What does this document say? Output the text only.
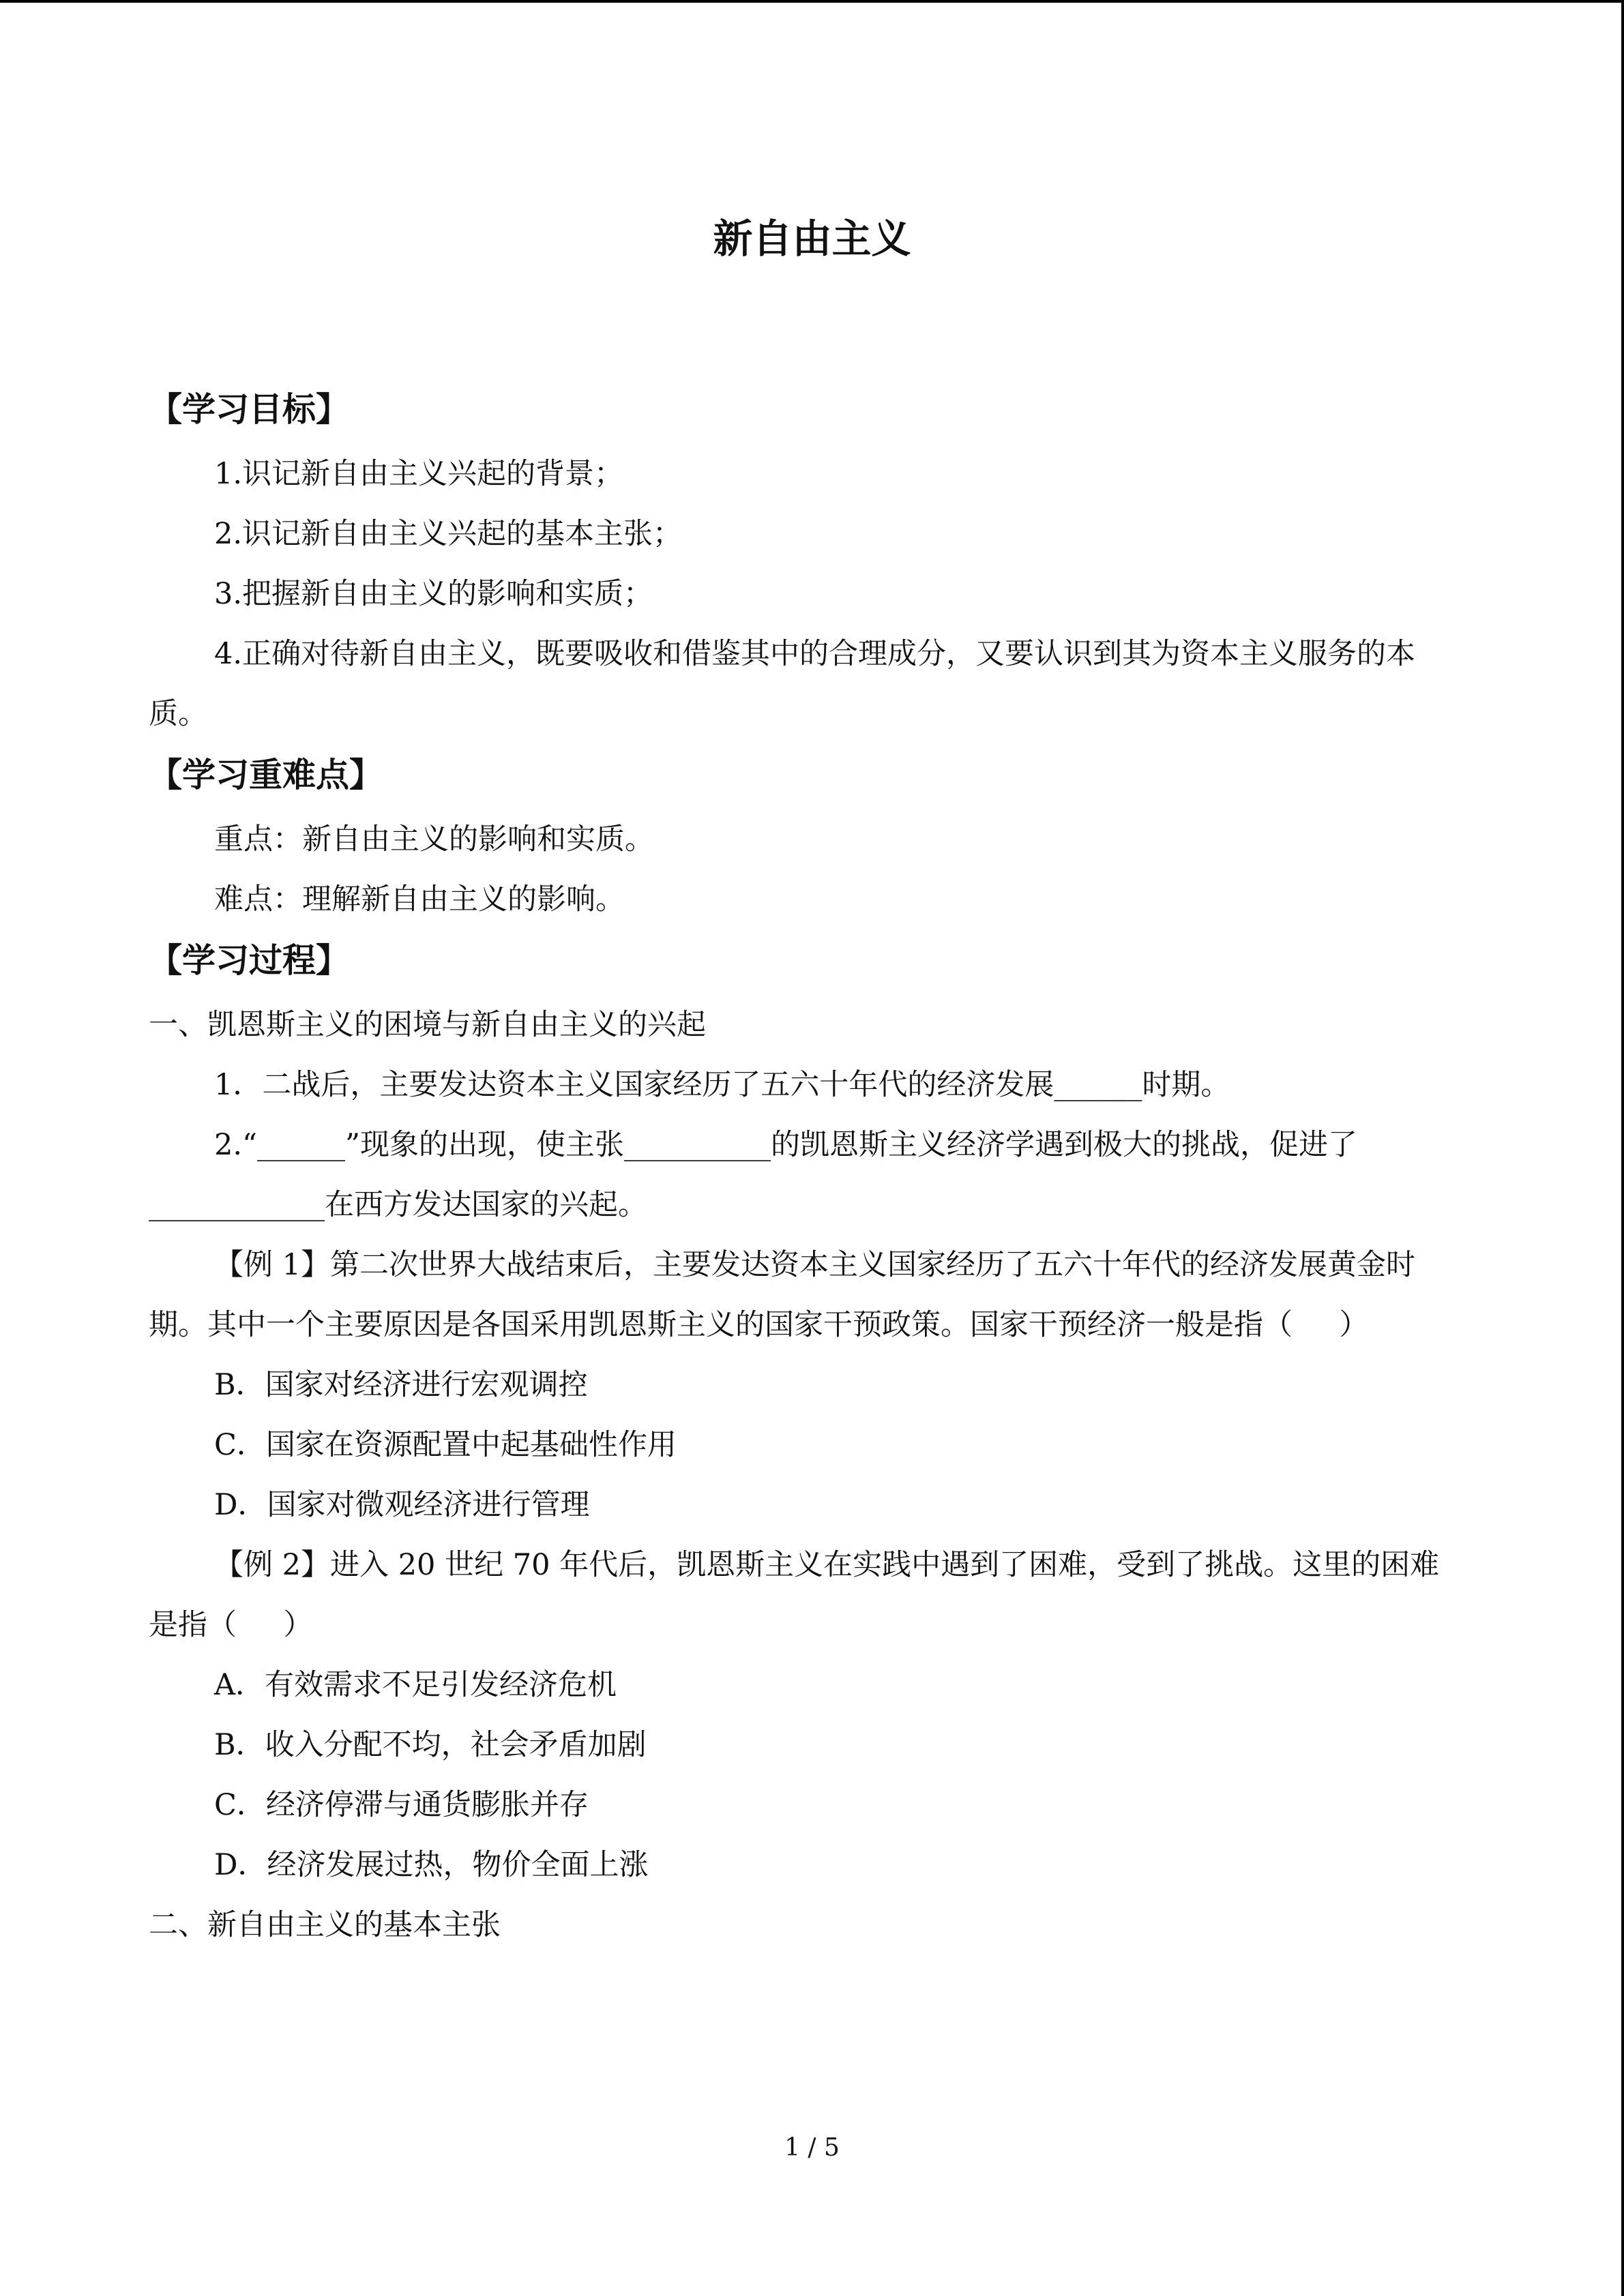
新自由主义
【学习目标】

1.识记新自由主义兴起的背景；

2.识记新自由主义兴起的基本主张；

3.把握新自由主义的影响和实质；

4.正确对待新自由主义，既要吸收和借鉴其中的合理成分，又要认识到其为资本主义服务的本质。

【学习重难点】

重点：新自由主义的影响和实质。

难点：理解新自由主义的影响。

【学习过程】

一、凯恩斯主义的困境与新自由主义的兴起

1．二战后，主要发达资本主义国家经历了五六十年代的经济发展______时期。

2.“______”现象的出现，使主张__________的凯恩斯主义经济学遇到极大的挑战，促进了____________在西方发达国家的兴起。

【例 1】第二次世界大战结束后，主要发达资本主义国家经历了五六十年代的经济发展黄金时期。其中一个主要原因是各国采用凯恩斯主义的国家干预政策。国家干预经济一般是指（     ）

B．国家对经济进行宏观调控

C．国家在资源配置中起基础性作用

D．国家对微观经济进行管理

【例 2】进入 20 世纪 70 年代后，凯恩斯主义在实践中遇到了困难，受到了挑战。这里的困难是指（     ）

A．有效需求不足引发经济危机

B．收入分配不均，社会矛盾加剧

C．经济停滞与通货膨胀并存

D．经济发展过热，物价全面上涨

二、新自由主义的基本主张

1 / 5
